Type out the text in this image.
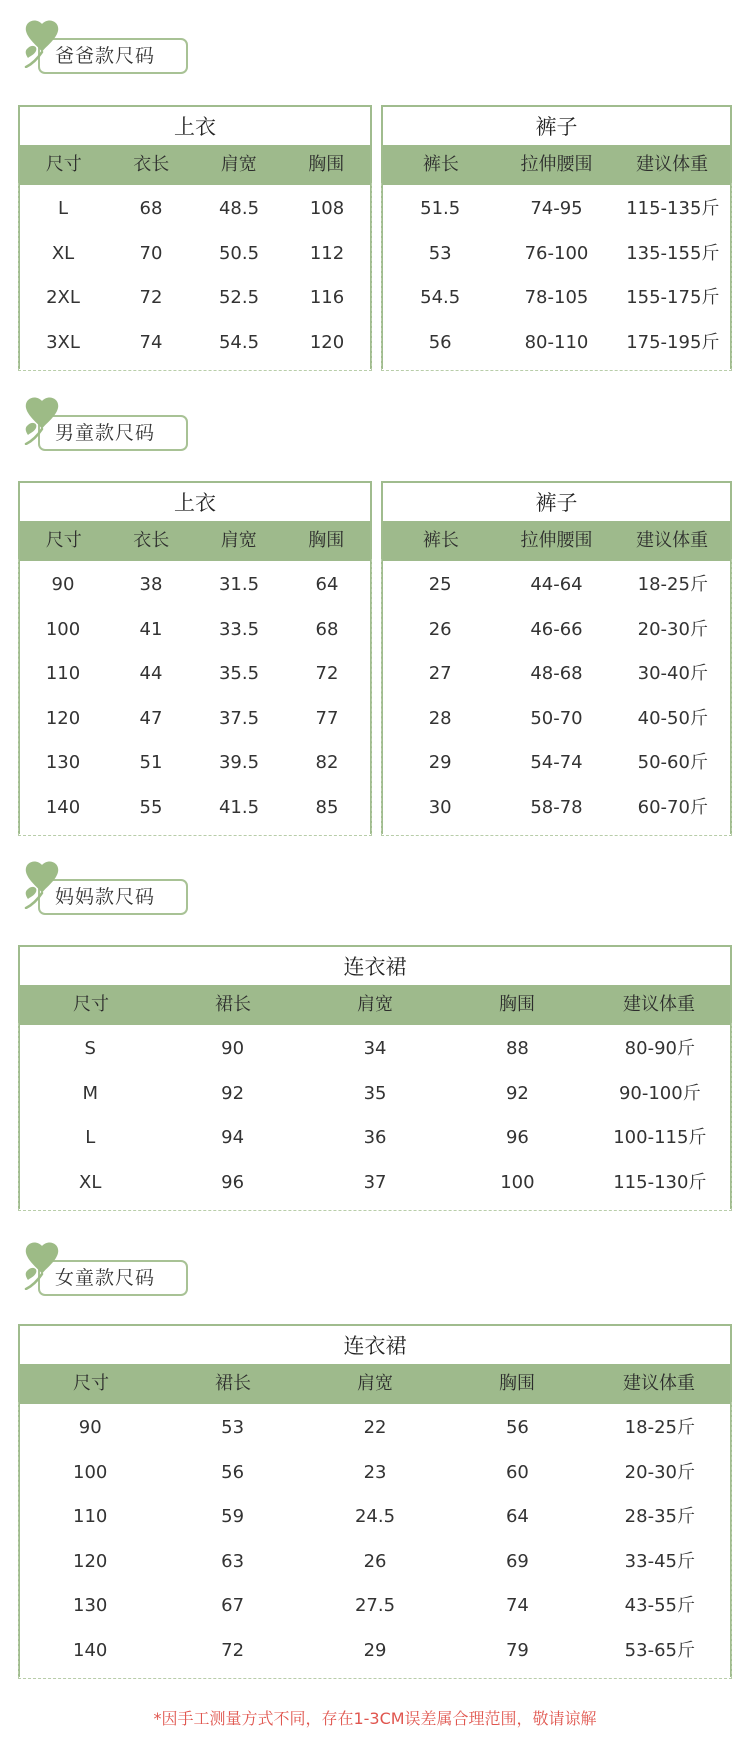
爸爸款尺码
上衣
尺寸	衣长	肩宽	胸围
L	68	48.5	108
XL	70	50.5	112
2XL	72	52.5	116
3XL	74	54.5	120
裤子
裤长	拉伸腰围	建议体重
51.5	74-95	115-135斤
53	76-100	135-155斤
54.5	78-105	155-175斤
56	80-110	175-195斤
男童款尺码
上衣
尺寸	衣长	肩宽	胸围
90	38	31.5	64
100	41	33.5	68
110	44	35.5	72
120	47	37.5	77
130	51	39.5	82
140	55	41.5	85
裤子
裤长	拉伸腰围	建议体重
25	44-64	18-25斤
26	46-66	20-30斤
27	48-68	30-40斤
28	50-70	40-50斤
29	54-74	50-60斤
30	58-78	60-70斤
妈妈款尺码
连衣裙
尺寸	裙长	肩宽	胸围	建议体重
S	90	34	88	80-90斤
M	92	35	92	90-100斤
L	94	36	96	100-115斤
XL	96	37	100	115-130斤
女童款尺码
连衣裙
尺寸	裙长	肩宽	胸围	建议体重
90	53	22	56	18-25斤
100	56	23	60	20-30斤
110	59	24.5	64	28-35斤
120	63	26	69	33-45斤
130	67	27.5	74	43-55斤
140	72	29	79	53-65斤
*因手工测量方式不同，存在1-3CM误差属合理范围，敬请谅解
